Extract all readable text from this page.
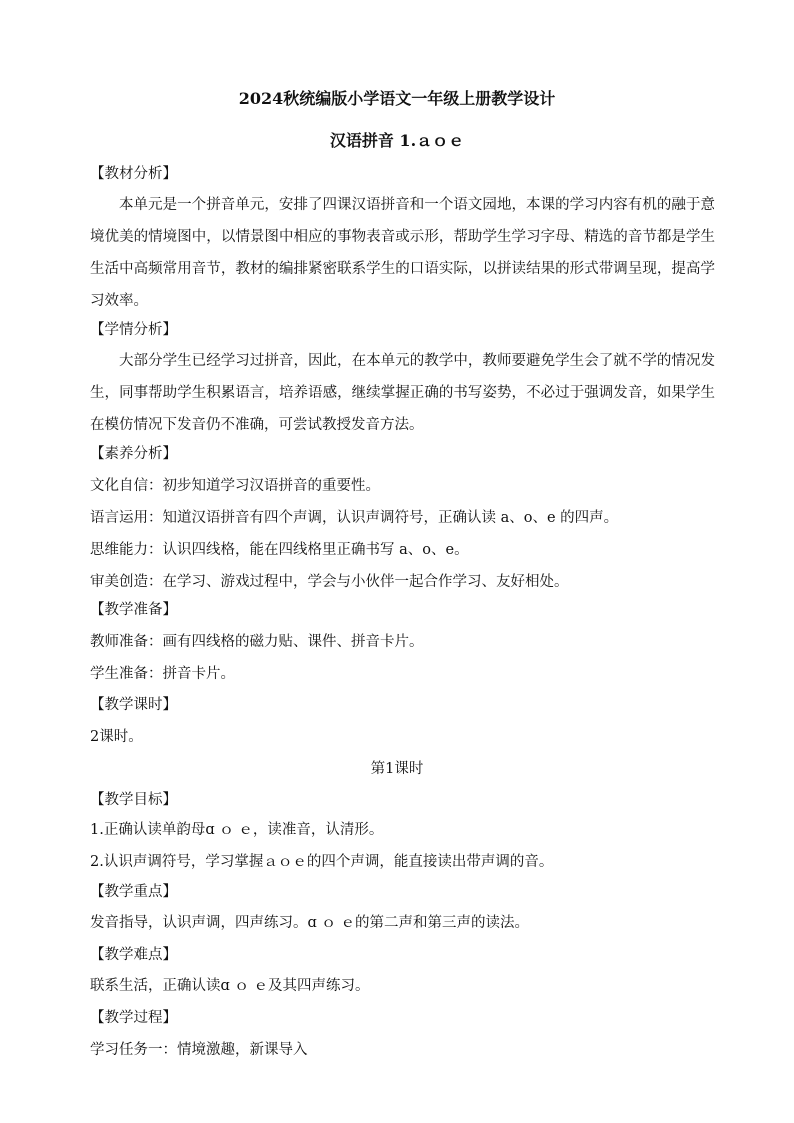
2024秋统编版小学语文一年级上册教学设计
汉语拼音 1.ａｏｅ
【教材分析】
本单元是一个拼音单元，安排了四课汉语拼音和一个语文园地，本课的学习内容有机的融于意境优美的情境图中，以情景图中相应的事物表音或示形，帮助学生学习字母、精选的音节都是学生生活中高频常用音节，教材的编排紧密联系学生的口语实际，以拼读结果的形式带调呈现，提高学习效率。
【学情分析】
大部分学生已经学习过拼音，因此，在本单元的教学中，教师要避免学生会了就不学的情况发生，同事帮助学生积累语言，培养语感，继续掌握正确的书写姿势，不必过于强调发音，如果学生在模仿情况下发音仍不准确，可尝试教授发音方法。
【素养分析】
文化自信：初步知道学习汉语拼音的重要性。
语言运用：知道汉语拼音有四个声调，认识声调符号，正确认读 a、o、e 的四声。
思维能力：认识四线格，能在四线格里正确书写 a、o、e。
审美创造：在学习、游戏过程中，学会与小伙伴一起合作学习、友好相处。
【教学准备】
教师准备：画有四线格的磁力贴、课件、拼音卡片。
学生准备：拼音卡片。
【教学课时】
2课时。
第1课时
【教学目标】
1.正确认读单韵母ɑ ｏ ｅ，读准音，认清形。
2.认识声调符号，学习掌握ａｏｅ的四个声调，能直接读出带声调的音。
【教学重点】
发音指导，认识声调，四声练习。ɑ ｏ ｅ的第二声和第三声的读法。
【教学难点】
联系生活，正确认读ɑ ｏ ｅ及其四声练习。
【教学过程】
学习任务一：情境激趣，新课导入
